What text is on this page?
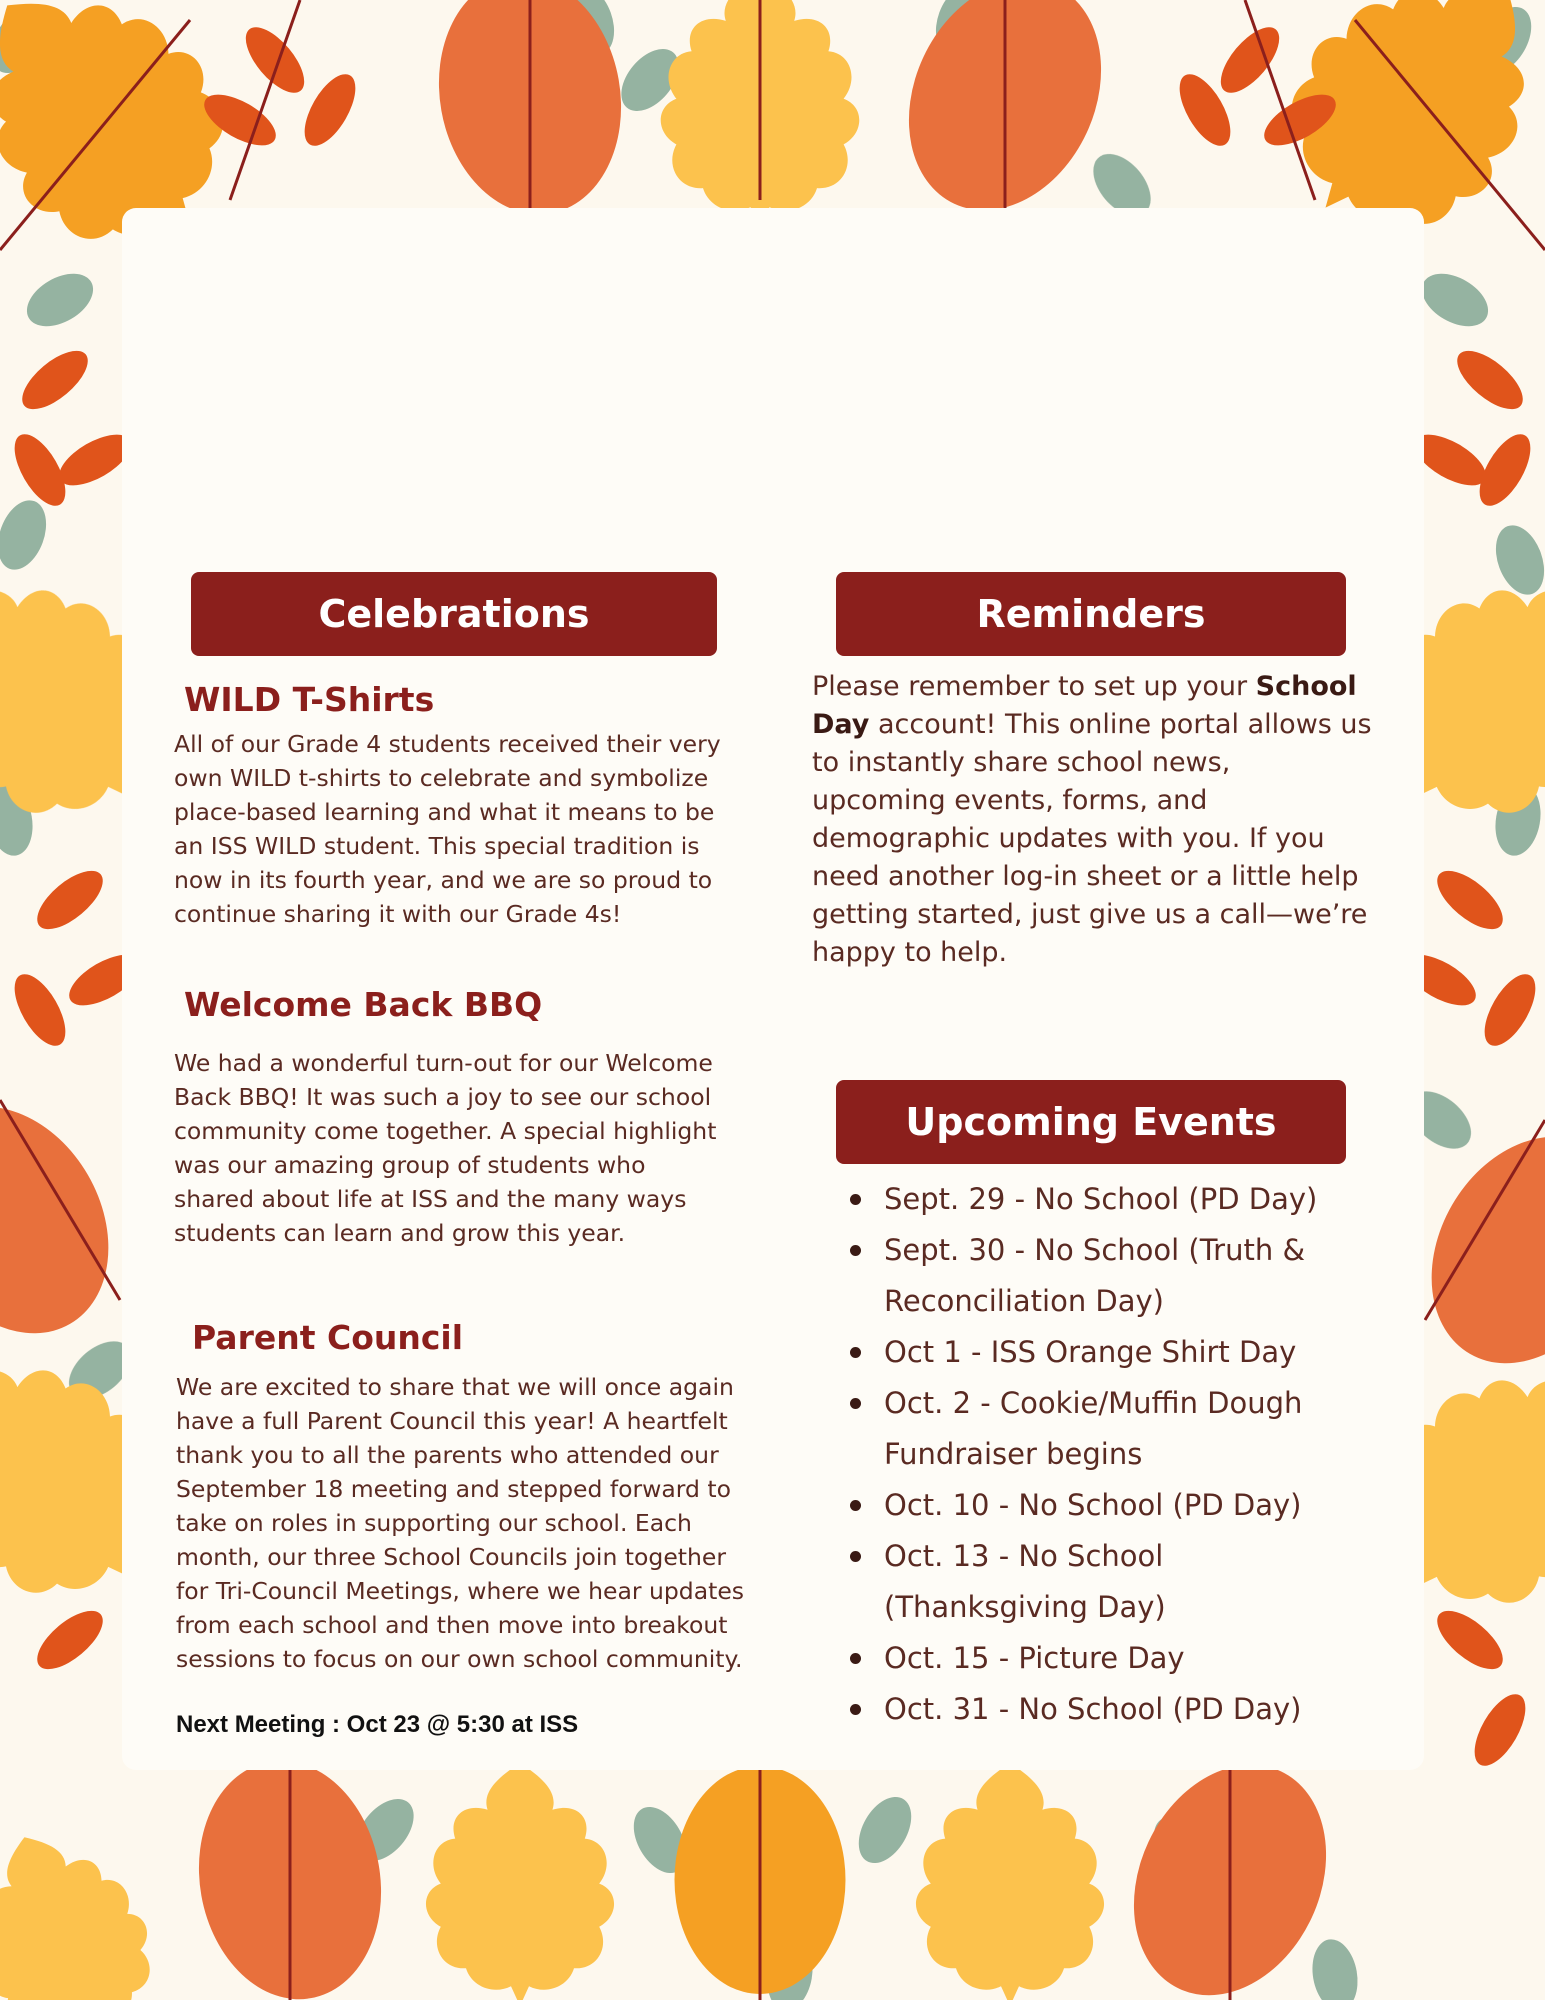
Celebrations
WILD T-Shirts

All of our Grade 4 students received their very own WILD t-shirts to celebrate and symbolize place-based learning and what it means to be an ISS WILD student. This special tradition is now in its fourth year, and we are so proud to continue sharing it with our Grade 4s!

Welcome Back BBQ

We had a wonderful turn-out for our Welcome Back BBQ! It was such a joy to see our school community come together. A special highlight was our amazing group of students who shared about life at ISS and the many ways students can learn and grow this year.

Parent Council

We are excited to share that we will once again have a full Parent Council this year! A heartfelt thank you to all the parents who attended our September 18 meeting and stepped forward to take on roles in supporting our school. Each month, our three School Councils join together for Tri-Council Meetings, where we hear updates from each school and then move into breakout sessions to focus on our own school community.

Next Meeting : Oct 23 @ 5:30 at ISS
Reminders
Please remember to set up your School Day account! This online portal allows us to instantly share school news, upcoming events, forms, and demographic updates with you. If you need another log-in sheet or a little help getting started, just give us a call—we’re happy to help.
Upcoming Events
Sept. 29 - No School (PD Day)
Sept. 30 - No School (Truth & Reconciliation Day)
Oct 1 - ISS Orange Shirt Day
Oct. 2 - Cookie/Muffin Dough Fundraiser begins
Oct. 10 - No School (PD Day)
Oct. 13 - No School (Thanksgiving Day)
Oct. 15 - Picture Day
Oct. 31 - No School (PD Day)
